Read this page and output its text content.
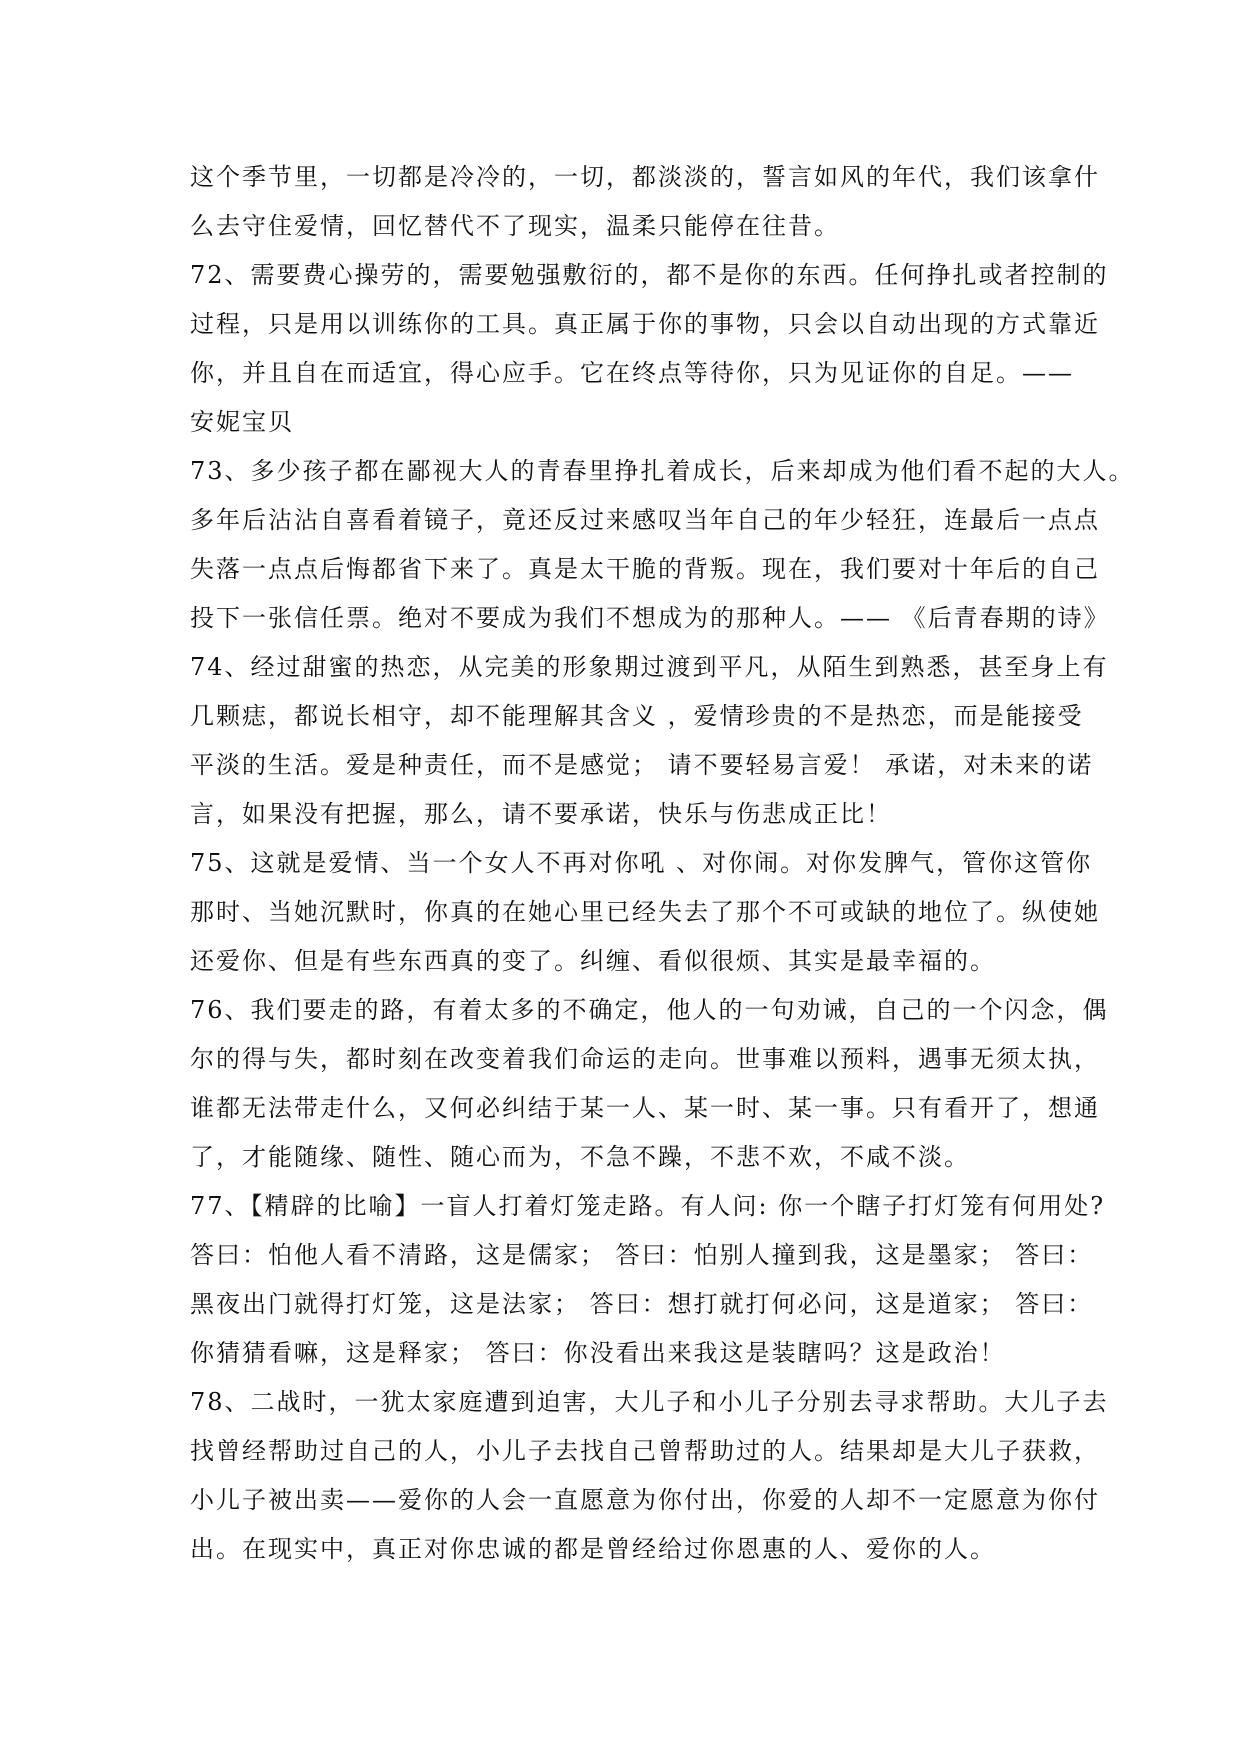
这个季节里，一切都是冷冷的，一切，都淡淡的，誓言如风的年代，我们该拿什
么去守住爱情，回忆替代不了现实，温柔只能停在往昔。
72、需要费心操劳的，需要勉强敷衍的，都不是你的东西。任何挣扎或者控制的
过程，只是用以训练你的工具。真正属于你的事物，只会以自动出现的方式靠近
你，并且自在而适宜，得心应手。它在终点等待你，只为见证你的自足。——
安妮宝贝
73、多少孩子都在鄙视大人的青春里挣扎着成长，后来却成为他们看不起的大人。
多年后沾沾自喜看着镜子，竟还反过来感叹当年自己的年少轻狂，连最后一点点
失落一点点后悔都省下来了。真是太干脆的背叛。现在，我们要对十年后的自己
投下一张信任票。绝对不要成为我们不想成为的那种人。—— 《后青春期的诗》
74、经过甜蜜的热恋，从完美的形象期过渡到平凡，从陌生到熟悉，甚至身上有
几颗痣，都说长相守，却不能理解其含义 ，爱情珍贵的不是热恋，而是能接受
平淡的生活。爱是种责任，而不是感觉； 请不要轻易言爱！ 承诺，对未来的诺
言，如果没有把握，那么，请不要承诺，快乐与伤悲成正比！
75、这就是爱情、当一个女人不再对你吼 、对你闹。对你发脾气，管你这管你
那时、当她沉默时，你真的在她心里已经失去了那个不可或缺的地位了。纵使她
还爱你、但是有些东西真的变了。纠缠、看似很烦、其实是最幸福的。
76、我们要走的路，有着太多的不确定，他人的一句劝诫，自己的一个闪念，偶
尔的得与失，都时刻在改变着我们命运的走向。世事难以预料，遇事无须太执，
谁都无法带走什么，又何必纠结于某一人、某一时、某一事。只有看开了，想通
了，才能随缘、随性、随心而为，不急不躁，不悲不欢，不咸不淡。
77、【精辟的比喻】一盲人打着灯笼走路。有人问: 你一个瞎子打灯笼有何用处?
答曰：怕他人看不清路，这是儒家； 答曰：怕别人撞到我，这是墨家； 答曰：
黑夜出门就得打灯笼，这是法家； 答曰：想打就打何必问，这是道家； 答曰：
你猜猜看嘛，这是释家； 答曰：你没看出来我这是装瞎吗？这是政治！
78、二战时，一犹太家庭遭到迫害，大儿子和小儿子分别去寻求帮助。大儿子去
找曾经帮助过自己的人，小儿子去找自己曾帮助过的人。结果却是大儿子获救，
小儿子被出卖——爱你的人会一直愿意为你付出，你爱的人却不一定愿意为你付
出。在现实中，真正对你忠诚的都是曾经给过你恩惠的人、爱你的人。
